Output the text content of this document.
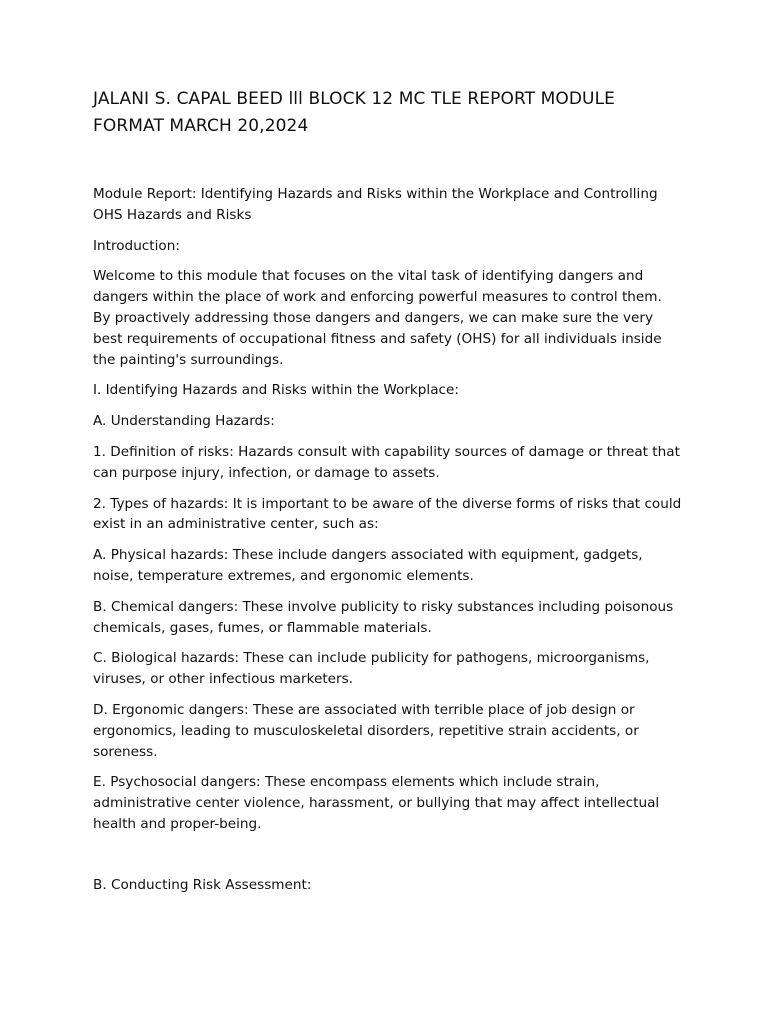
JALANI S. CAPAL BEED lll BLOCK 12 MC TLE REPORT MODULE FORMAT MARCH 20,2024

Module Report: Identifying Hazards and Risks within the Workplace and Controlling OHS Hazards and Risks

Introduction:

Welcome to this module that focuses on the vital task of identifying dangers and dangers within the place of work and enforcing powerful measures to control them. By proactively addressing those dangers and dangers, we can make sure the very best requirements of occupational fitness and safety (OHS) for all individuals inside the painting's surroundings.

I. Identifying Hazards and Risks within the Workplace:

A. Understanding Hazards:

1. Definition of risks: Hazards consult with capability sources of damage or threat that can purpose injury, infection, or damage to assets.

2. Types of hazards: It is important to be aware of the diverse forms of risks that could exist in an administrative center, such as:

A. Physical hazards: These include dangers associated with equipment, gadgets, noise, temperature extremes, and ergonomic elements.

B. Chemical dangers: These involve publicity to risky substances including poisonous chemicals, gases, fumes, or flammable materials.

C. Biological hazards: These can include publicity for pathogens, microorganisms, viruses, or other infectious marketers.

D. Ergonomic dangers: These are associated with terrible place of job design or ergonomics, leading to musculoskeletal disorders, repetitive strain accidents, or soreness.

E. Psychosocial dangers: These encompass elements which include strain, administrative center violence, harassment, or bullying that may affect intellectual health and proper-being.

B. Conducting Risk Assessment:
